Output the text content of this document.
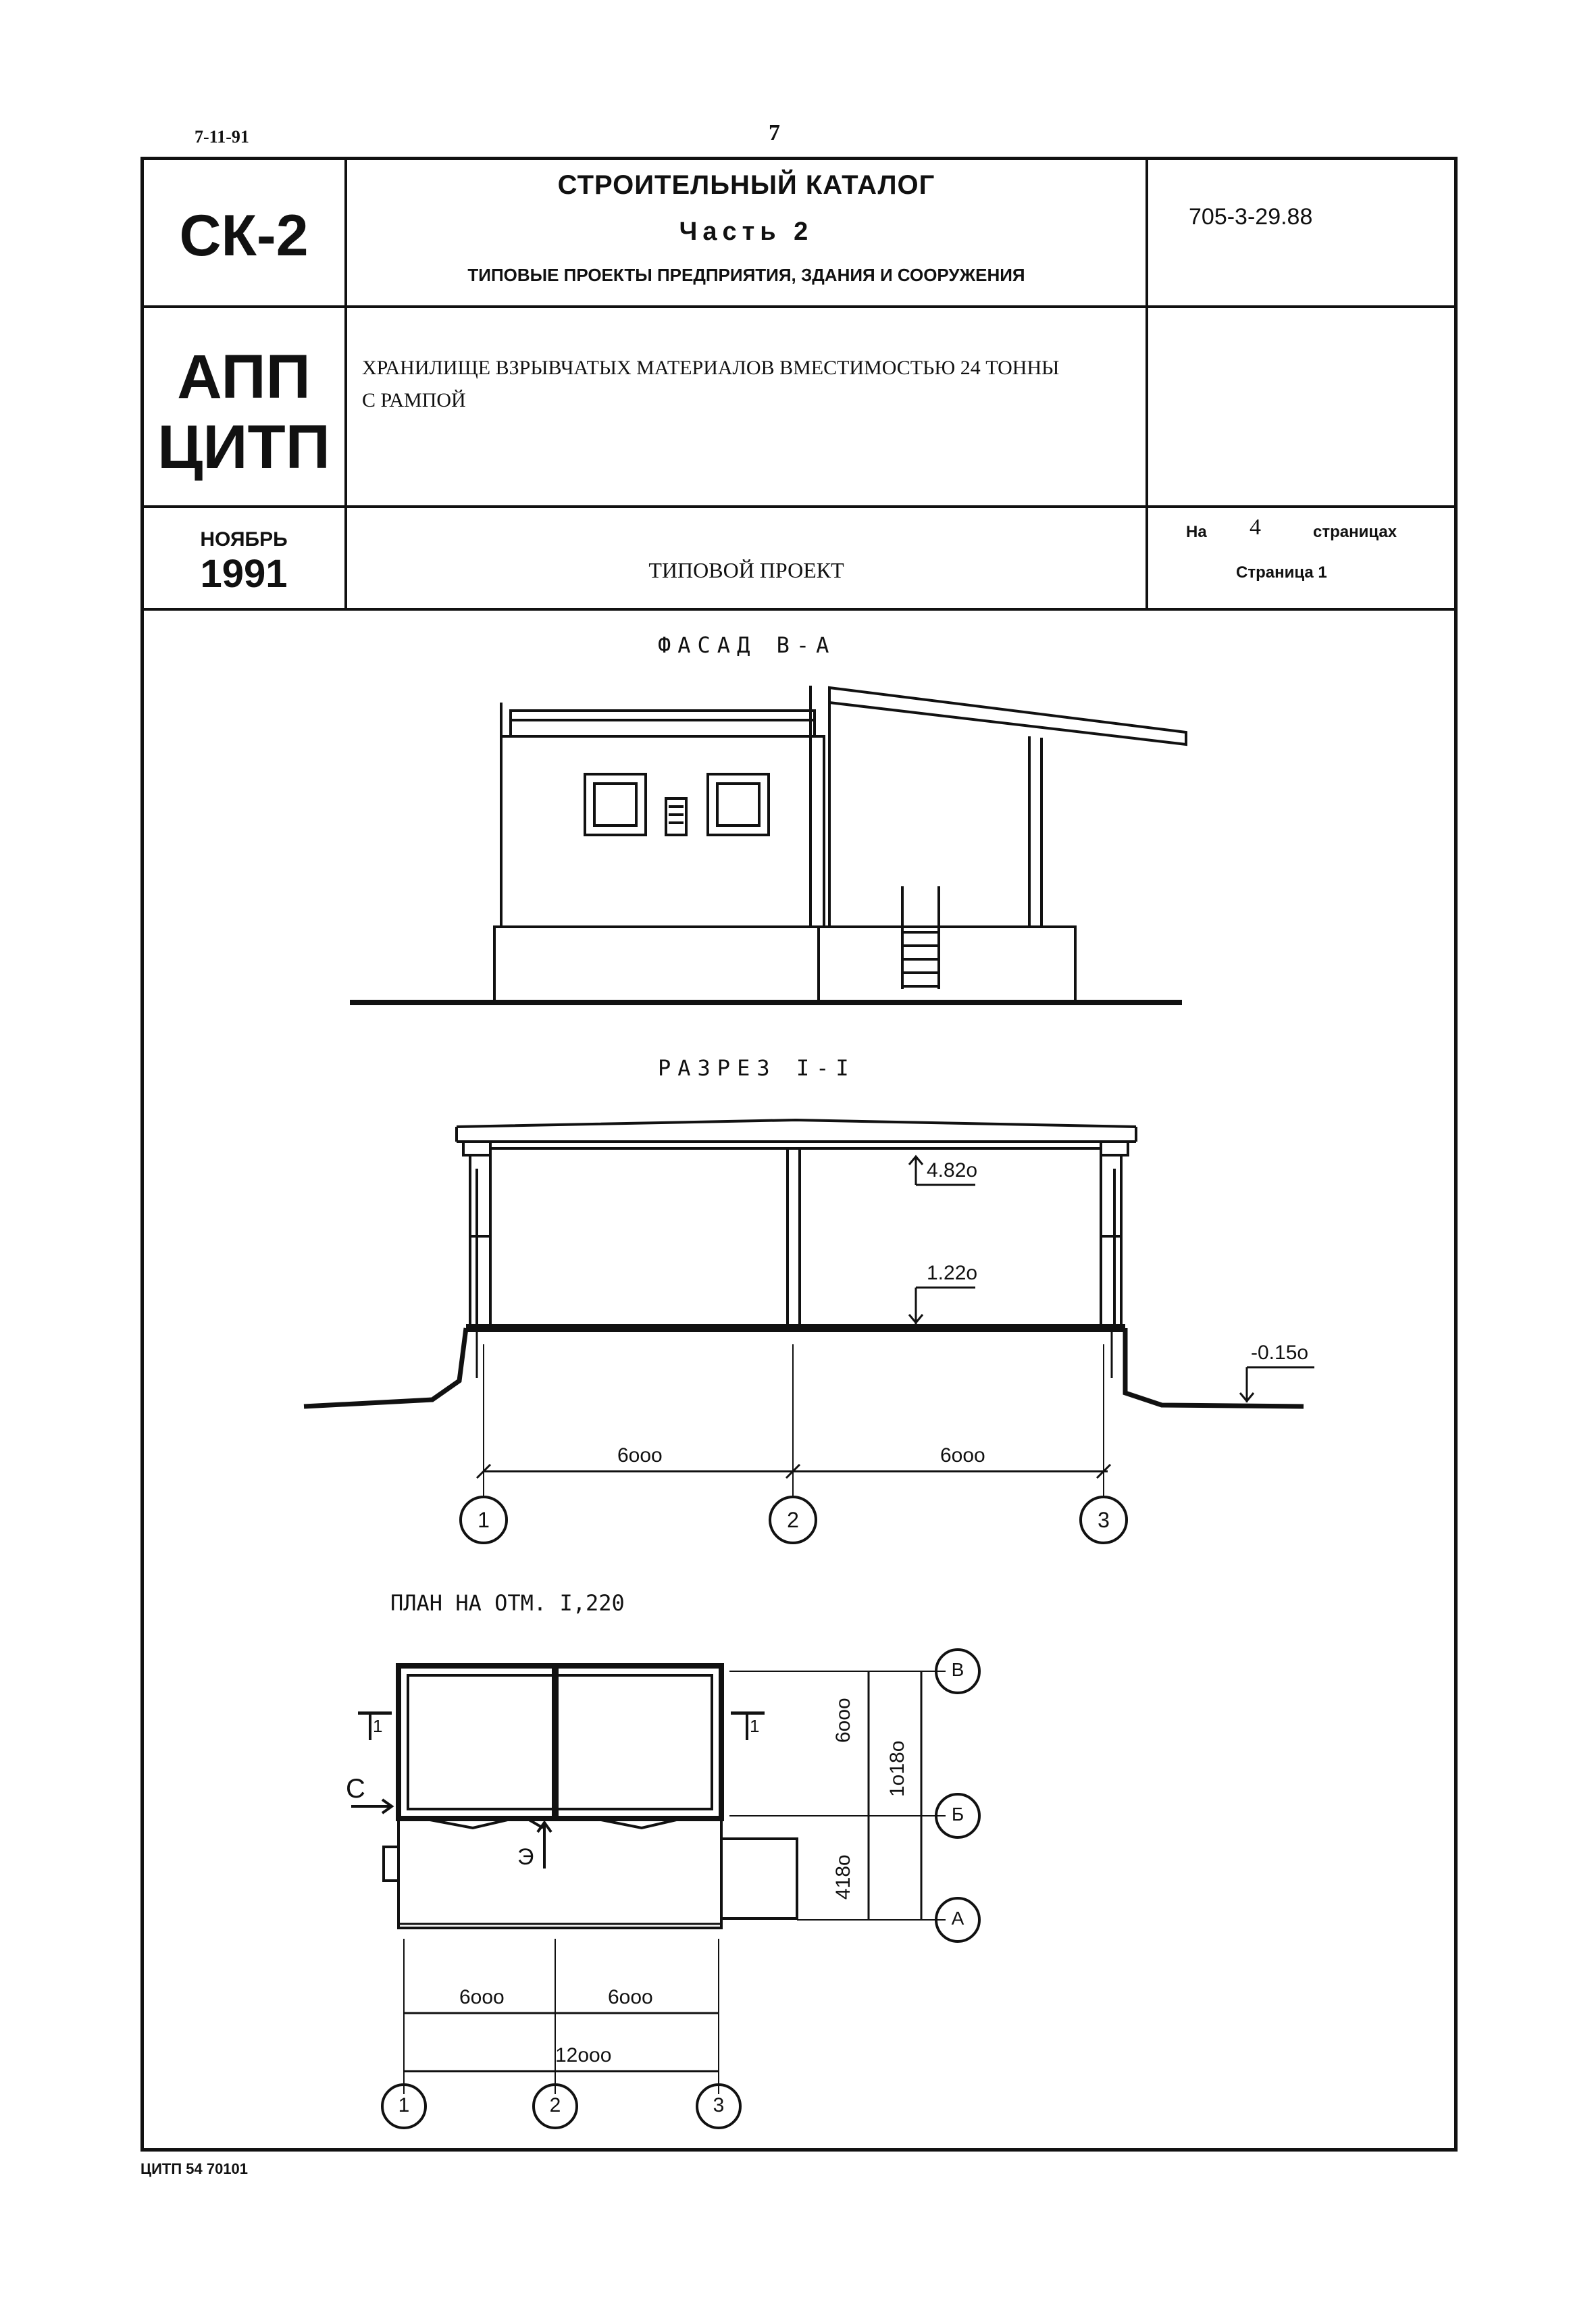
7-11-91	7
СК-2
СТРОИТЕЛЬНЫЙ КАТАЛОГ
Часть 2
ТИПОВЫЕ ПРОЕКТЫ ПРЕДПРИЯТИЯ, ЗДАНИЯ И СООРУЖЕНИЯ
705-3-29.88
АПП
ЦИТП
ХРАНИЛИЩЕ ВЗРЫВЧАТЫХ МАТЕРИАЛОВ ВМЕСТИМОСТЬЮ 24 ТОННЫ
С РАМПОЙ
НОЯБРЬ
1991	ТИПОВОЙ ПРОЕКТ
На 4	страницах
Страница 1
ФАСАД В-А
РАЗРЕЗ I-I
ПЛАН НА ОТМ. I,220
4.82о
1.22о
-0.15о
6ооо	6ооо
1	2	3
1	2	3
В
Б
А
6ооо	6ооо
12ооо
6ооо
418о
1о18о
1	1
С
Э
ЦИТП 54 70101
